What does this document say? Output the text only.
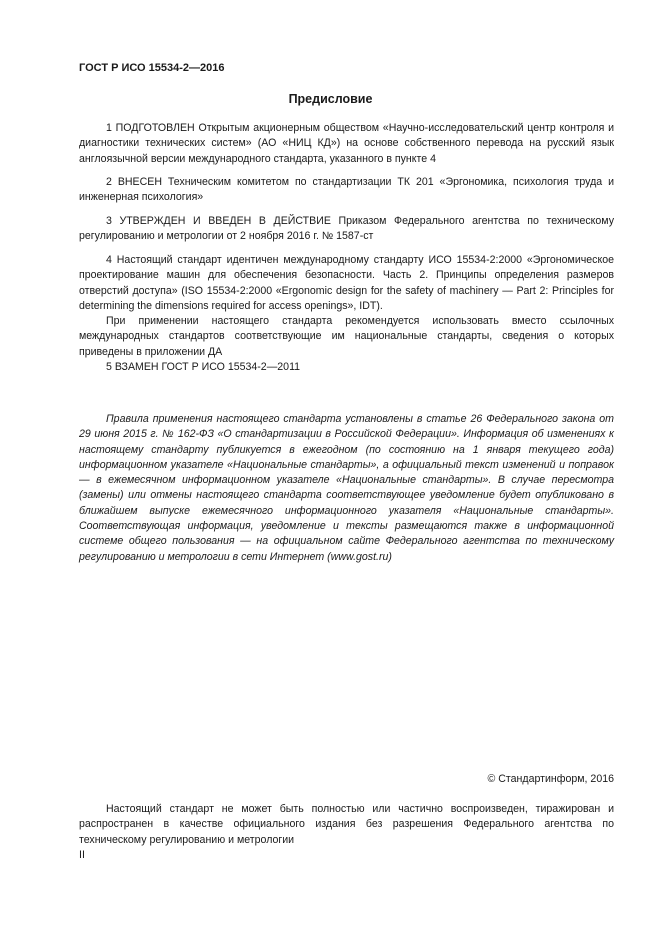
ГОСТ Р ИСО 15534-2—2016
Предисловие

1 ПОДГОТОВЛЕН Открытым акционерным обществом «Научно-исследовательский центр контроля и диагностики технических систем» (АО «НИЦ КД») на основе собственного перевода на русский язык англоязычной версии международного стандарта, указанного в пункте 4

2 ВНЕСЕН Техническим комитетом по стандартизации ТК 201 «Эргономика, психология труда и инженерная психология»

3 УТВЕРЖДЕН И ВВЕДЕН В ДЕЙСТВИЕ Приказом Федерального агентства по техническому регулированию и метрологии от 2 ноября 2016 г. № 1587-ст

4 Настоящий стандарт идентичен международному стандарту ИСО 15534-2:2000 «Эргономическое проектирование машин для обеспечения безопасности. Часть 2. Принципы определения размеров отверстий доступа» (ISO 15534-2:2000 «Ergonomic design for the safety of machinery — Part 2: Principles for determining the dimensions required for access openings», IDT).

При применении настоящего стандарта рекомендуется использовать вместо ссылочных международных стандартов соответствующие им национальные стандарты, сведения о которых приведены в приложении ДА

5 ВЗАМЕН ГОСТ Р ИСО 15534-2—2011

Правила применения настоящего стандарта установлены в статье 26 Федерального закона от 29 июня 2015 г. № 162-ФЗ «О стандартизации в Российской Федерации». Информация об изменениях к настоящему стандарту публикуется в ежегодном (по состоянию на 1 января текущего года) информационном указателе «Национальные стандарты», а официальный текст изменений и поправок — в ежемесячном информационном указателе «Национальные стандарты». В случае пересмотра (замены) или отмены настоящего стандарта соответствующее уведомление будет опубликовано в ближайшем выпуске ежемесячного информационного указателя «Национальные стандарты». Соответствующая информация, уведомление и тексты размещаются также в информационной системе общего пользования — на официальном сайте Федерального агентства по техническому регулированию и метрологии в сети Интернет (www.gost.ru)

© Стандартинформ, 2016

Настоящий стандарт не может быть полностью или частично воспроизведен, тиражирован и распространен в качестве официального издания без разрешения Федерального агентства по техническому регулированию и метрологии

II
